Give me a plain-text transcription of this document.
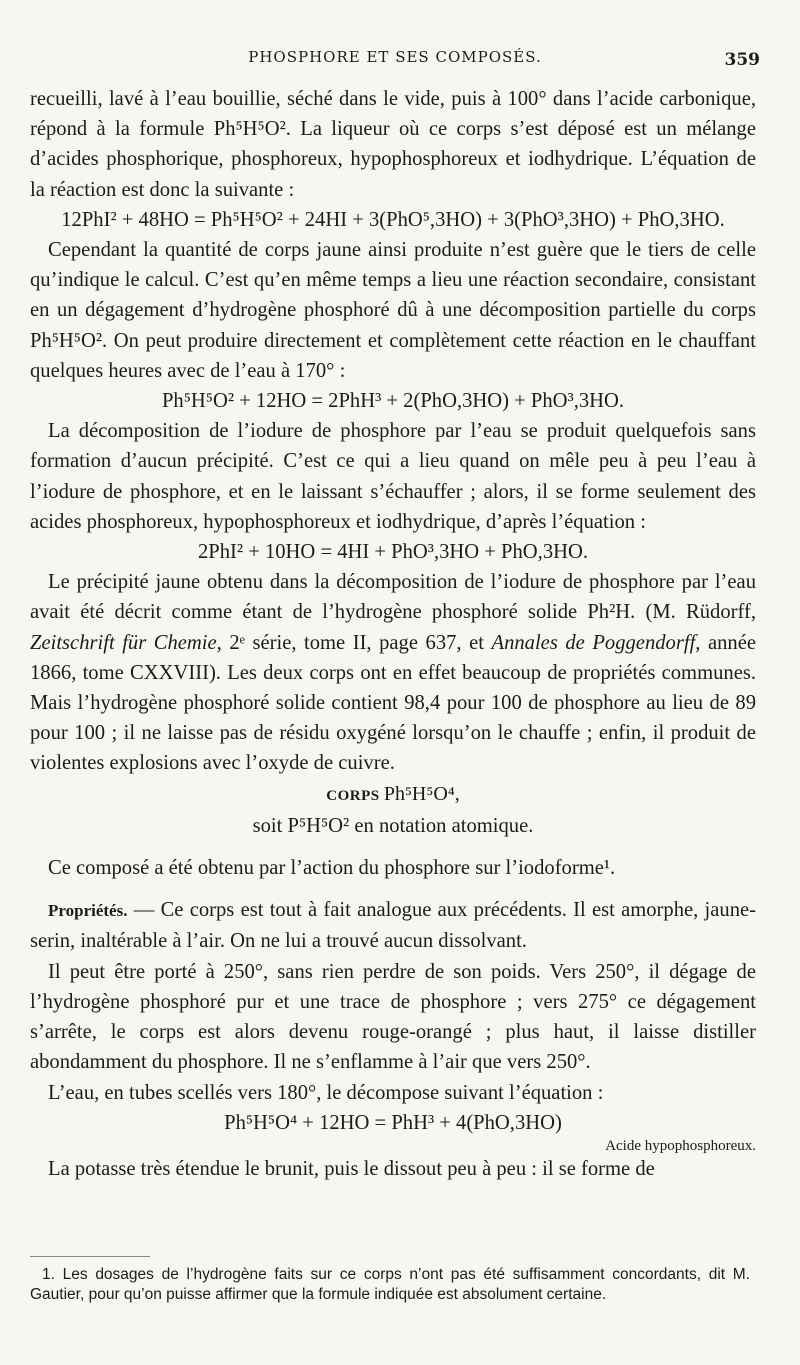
PHOSPHORE ET SES COMPOSÉS.	359

recueilli, lavé à l’eau bouillie, séché dans le vide, puis à 100° dans l’acide carbonique, répond à la formule Ph⁵H⁵O². La liqueur où ce corps s’est déposé est un mélange d’acides phosphorique, phosphoreux, hypophosphoreux et iodhydrique. L’équation de la réaction est donc la suivante :

12PhI² + 48HO = Ph⁵H⁵O² + 24HI + 3(PhO⁵,3HO) + 3(PhO³,3HO) + PhO,3HO.

Cependant la quantité de corps jaune ainsi produite n’est guère que le tiers de celle qu’indique le calcul. C’est qu’en même temps a lieu une réaction secondaire, consistant en un dégagement d’hydrogène phosphoré dû à une décomposition partielle du corps Ph⁵H⁵O². On peut produire directement et complètement cette réaction en le chauffant quelques heures avec de l’eau à 170° :

Ph⁵H⁵O² + 12HO = 2PhH³ + 2(PhO,3HO) + PhO³,3HO.

La décomposition de l’iodure de phosphore par l’eau se produit quelquefois sans formation d’aucun précipité. C’est ce qui a lieu quand on mêle peu à peu l’eau à l’iodure de phosphore, et en le laissant s’échauffer ; alors, il se forme seulement des acides phosphoreux, hypophosphoreux et iodhydrique, d’après l’équation :

2PhI² + 10HO = 4HI + PhO³,3HO + PhO,3HO.

Le précipité jaune obtenu dans la décomposition de l’iodure de phosphore par l’eau avait été décrit comme étant de l’hydrogène phosphoré solide Ph²H. (M. Rüdorff, Zeitschrift für Chemie, 2ᵉ série, tome II, page 637, et Annales de Poggendorff, année 1866, tome CXXVIII). Les deux corps ont en effet beaucoup de propriétés communes. Mais l’hydrogène phosphoré solide contient 98,4 pour 100 de phosphore au lieu de 89 pour 100 ; il ne laisse pas de résidu oxygéné lorsqu’on le chauffe ; enfin, il produit de violentes explosions avec l’oxyde de cuivre.

CORPS Ph⁵H⁵O⁴,

soit P⁵H⁵O² en notation atomique.

Ce composé a été obtenu par l’action du phosphore sur l’iodoforme¹.

Propriétés. — Ce corps est tout à fait analogue aux précédents. Il est amorphe, jaune-serin, inaltérable à l’air. On ne lui a trouvé aucun dissolvant.

Il peut être porté à 250°, sans rien perdre de son poids. Vers 250°, il dégage de l’hydrogène phosphoré pur et une trace de phosphore ; vers 275° ce dégagement s’arrête, le corps est alors devenu rouge-orangé ; plus haut, il laisse distiller abondamment du phosphore. Il ne s’enflamme à l’air que vers 250°.

L’eau, en tubes scellés vers 180°, le décompose suivant l’équation :

Ph⁵H⁵O⁴ + 12HO = PhH³ + 4(PhO,3HO)

Acide hypophosphoreux.

La potasse très étendue le brunit, puis le dissout peu à peu : il se forme de

1. Les dosages de l’hydrogène faits sur ce corps n’ont pas été suffisamment concordants, dit M. Gautier, pour qu’on puisse affirmer que la formule indiquée est absolument certaine.
